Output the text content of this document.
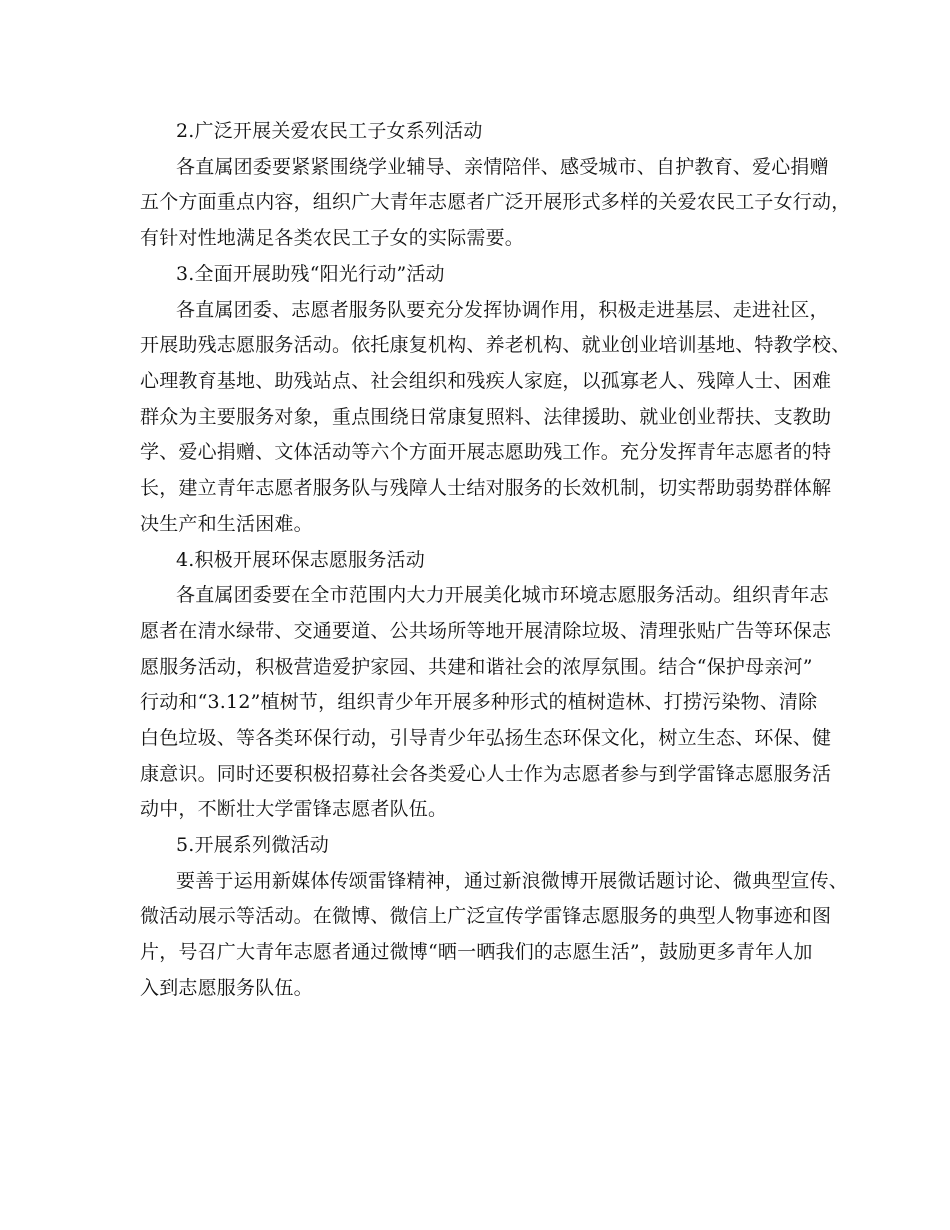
2.广泛开展关爱农民工子女系列活动
各直属团委要紧紧围绕学业辅导、亲情陪伴、感受城市、自护教育、爱心捐赠
五个方面重点内容，组织广大青年志愿者广泛开展形式多样的关爱农民工子女行动，
有针对性地满足各类农民工子女的实际需要。
3.全面开展助残“阳光行动”活动
各直属团委、志愿者服务队要充分发挥协调作用，积极走进基层、走进社区，
开展助残志愿服务活动。依托康复机构、养老机构、就业创业培训基地、特教学校、
心理教育基地、助残站点、社会组织和残疾人家庭，以孤寡老人、残障人士、困难
群众为主要服务对象，重点围绕日常康复照料、法律援助、就业创业帮扶、支教助
学、爱心捐赠、文体活动等六个方面开展志愿助残工作。充分发挥青年志愿者的特
长，建立青年志愿者服务队与残障人士结对服务的长效机制，切实帮助弱势群体解
决生产和生活困难。
4.积极开展环保志愿服务活动
各直属团委要在全市范围内大力开展美化城市环境志愿服务活动。组织青年志
愿者在清水绿带、交通要道、公共场所等地开展清除垃圾、清理张贴广告等环保志
愿服务活动，积极营造爱护家园、共建和谐社会的浓厚氛围。结合“保护母亲河”
行动和“3.12”植树节，组织青少年开展多种形式的植树造林、打捞污染物、清除
白色垃圾、等各类环保行动，引导青少年弘扬生态环保文化，树立生态、环保、健
康意识。同时还要积极招募社会各类爱心人士作为志愿者参与到学雷锋志愿服务活
动中，不断壮大学雷锋志愿者队伍。
5.开展系列微活动
要善于运用新媒体传颂雷锋精神，通过新浪微博开展微话题讨论、微典型宣传、
微活动展示等活动。在微博、微信上广泛宣传学雷锋志愿服务的典型人物事迹和图
片，号召广大青年志愿者通过微博“晒一晒我们的志愿生活”，鼓励更多青年人加
入到志愿服务队伍。
